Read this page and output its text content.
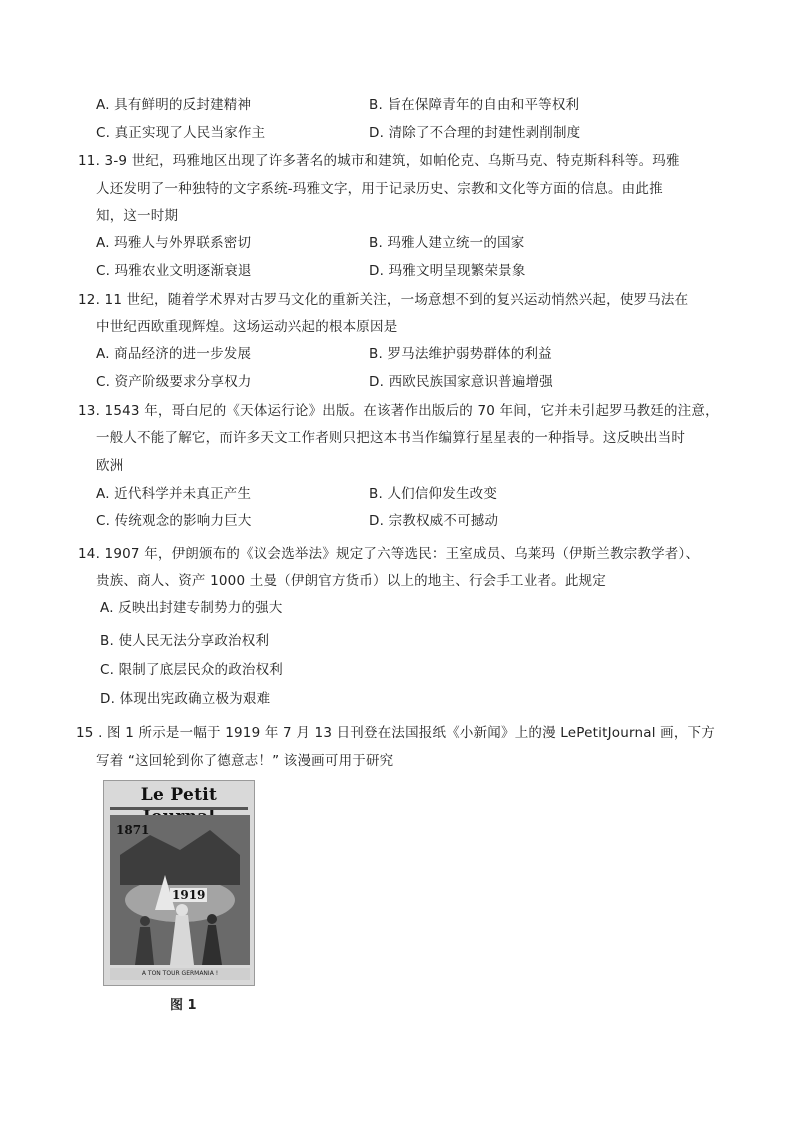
A. 具有鲜明的反封建精神	B. 旨在保障青年的自由和平等权利
C. 真正实现了人民当家作主	D. 清除了不合理的封建性剥削制度
11. 3-9 世纪，玛雅地区出现了许多著名的城市和建筑，如帕伦克、乌斯马克、特克斯科科等。玛雅
人还发明了一种独特的文字系统-玛雅文字，用于记录历史、宗教和文化等方面的信息。由此推
知，这一时期
A. 玛雅人与外界联系密切	B. 玛雅人建立统一的国家
C. 玛雅农业文明逐渐衰退	D. 玛雅文明呈现繁荣景象
12. 11 世纪，随着学术界对古罗马文化的重新关注，一场意想不到的复兴运动悄然兴起，使罗马法在
中世纪西欧重现辉煌。这场运动兴起的根本原因是
A. 商品经济的进一步发展	B. 罗马法维护弱势群体的利益
C. 资产阶级要求分享权力	D. 西欧民族国家意识普遍增强
13. 1543 年，哥白尼的《天体运行论》出版。在该著作出版后的 70 年间，它并未引起罗马教廷的注意，
一般人不能了解它，而许多天文工作者则只把这本书当作编算行星星表的一种指导。这反映出当时
欧洲
A. 近代科学并未真正产生	B. 人们信仰发生改变
C. 传统观念的影响力巨大	D. 宗教权威不可撼动
14. 1907 年，伊朗颁布的《议会选举法》规定了六等选民：王室成员、乌莱玛（伊斯兰教宗教学者）、
贵族、商人、资产 1000 土曼（伊朗官方货币）以上的地主、行会手工业者。此规定
A. 反映出封建专制势力的强大
B. 使人民无法分享政治权利
C. 限制了底层民众的政治权利
D. 体现出宪政确立极为艰难
15 . 图 1 所示是一幅于 1919 年 7 月 13 日刊登在法国报纸《小新闻》上的漫 LePetitJournal 画，下方
写着 “这回轮到你了德意志！” 该漫画可用于研究
Le Petit
1871
1919
A TON TOUR GERMANIA !
图 1
